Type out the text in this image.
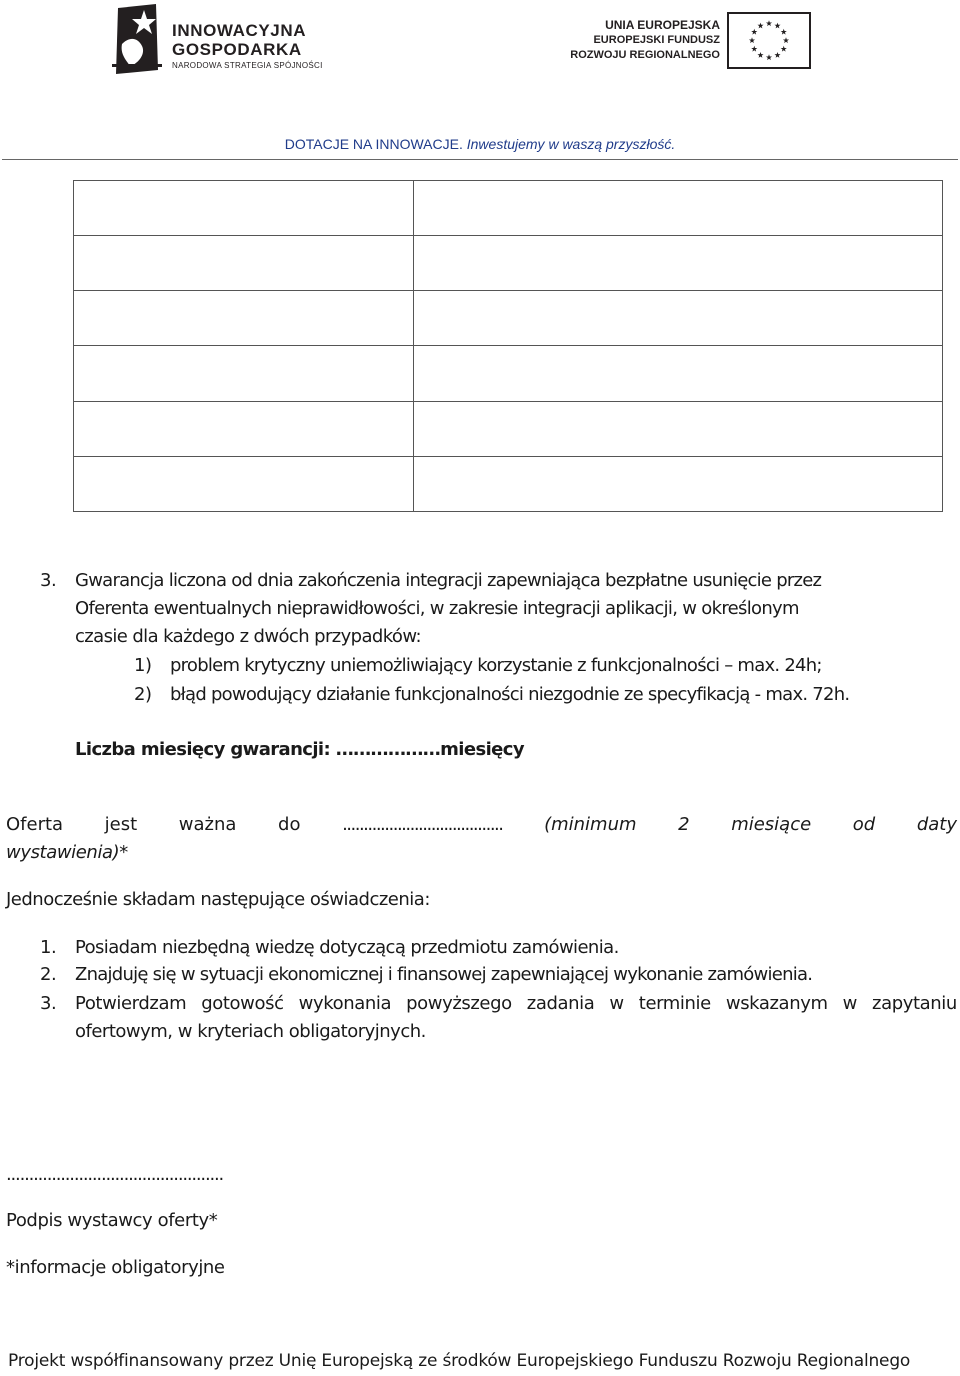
INNOWACYJNA
GOSPODARKA
NARODOWA STRATEGIA SPÓJNOŚCI
UNIA EUROPEJSKA
EUROPEJSKI FUNDUSZ
ROZWOJU REGIONALNEGO
DOTACJE NA INNOWACJE. Inwestujemy w waszą przyszłość.
3. Gwarancja liczona od dnia zakończenia integracji zapewniająca bezpłatne usunięcie przez
Oferenta ewentualnych nieprawidłowości, w zakresie integracji aplikacji, w określonym
czasie dla każdego z dwóch przypadków:
1) problem krytyczny uniemożliwiający korzystanie z funkcjonalności – max. 24h;
2) błąd powodujący działanie funkcjonalności niezgodnie ze specyfikacją - max. 72h.
Liczba miesięcy gwarancji: ………………miesięcy
Oferta jest ważna do ...................................... (minimum 2 miesiące od daty
wystawienia)*
Jednocześnie składam następujące oświadczenia:
1. Posiadam niezbędną wiedzę dotyczącą przedmiotu zamówienia.
2. Znajduję się w sytuacji ekonomicznej i finansowej zapewniającej wykonanie zamówienia.
3. Potwierdzam gotowość wykonania powyższego zadania w terminie wskazanym w zapytaniu
ofertowym, w kryteriach obligatoryjnych.
................................................
Podpis wystawcy oferty*
*informacje obligatoryjne
Projekt współfinansowany przez Unię Europejską ze środków Europejskiego Funduszu Rozwoju Regionalnego
